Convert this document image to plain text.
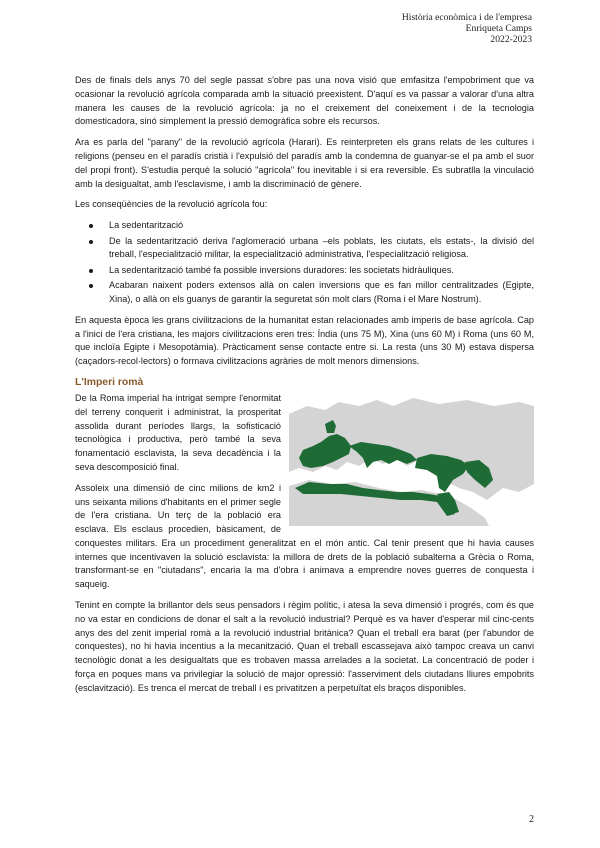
Història econòmica i de l'empresa
Enriqueta Camps
2022-2023

Des de finals dels anys 70 del segle passat s'obre pas una nova visió que emfasitza l'empobriment que va ocasionar la revolució agrícola comparada amb la situació preexistent. D'aquí es va passar a valorar d'una altra manera les causes de la revolució agrícola: ja no el creixement del coneixement i de la tecnologia domesticadora, sinó simplement la pressió demogràfica sobre els recursos.

Ara es parla del "parany" de la revolució agrícola (Harari). Es reinterpreten els grans relats de les cultures i religions (penseu en el paradís cristià i l'expulsió del paradís amb la condemna de guanyar-se el pa amb el suor del propi front). S'estudia perquè la solució "agrícola" fou inevitable i si era reversible. Es subratlla la vinculació amb la desigualtat, amb l'esclavisme, i amb la discriminació de gènere.

Les conseqüències de la revolució agrícola fou:

La sedentarització
De la sedentarització deriva l'aglomeració urbana –els poblats, les ciutats, els estats-, la divisió del treball, l'especialització militar, la especialització administrativa, l'especialització religiosa.
La sedentarització també fa possible inversions duradores: les societats hidràuliques.
Acabaran naixent poders extensos allà on calen inversions que es fan millor centralitzades (Egipte, Xina), o allà on els guanys de garantir la seguretat són molt clars (Roma i el Mare Nostrum).

En aquesta època les grans civilitzacions de la humanitat estan relacionades amb imperis de base agrícola. Cap a l'inici de l'era cristiana, les majors civilitzacions eren tres: Índia (uns 75 M), Xina (uns 60 M) i Roma (uns 60 M, que incloïa Egipte i Mesopotàmia). Pràcticament sense contacte entre si. La resta (uns 30 M) estava dispersa (caçadors-recol·lectors) o formava civilitzacions agràries de molt menors dimensions.

L'Imperi romà

De la Roma imperial ha intrigat sempre l'enormitat del terreny conquerit i administrat, la prosperitat assolida durant períodes llargs, la sofisticació tecnològica i productiva, però també la seva fonamentació esclavista, la seva decadència i la seva descomposició final.

Assoleix una dimensió de cinc milions de km2 i uns seixanta milions d'habitants en el primer segle de l'era cristiana. Un terç de la població era esclava. Els esclaus procedien, bàsicament, de conquestes militars. Era un procediment generalitzat en el món antic. Cal tenir present que hi havia causes internes que incentivaven la solució esclavista: la millora de drets de la població subalterna a Grècia o Roma, transformant-se en "ciutadans", encaria la ma d'obra i animava a emprendre noves guerres de conquesta i saqueig.

Tenint en compte la brillantor dels seus pensadors i règim polític, i atesa la seva dimensió i progrés, com és que no va estar en condicions de donar el salt a la revolució industrial? Perquè es va haver d'esperar mil cinc-cents anys des del zenit imperial romà a la revolució industrial britànica? Quan el treball era barat (per l'abundor de conquestes), no hi havia incentius a la mecanització. Quan el treball escassejava això tampoc creava un canvi tecnològic donat a les desigualtats que es trobaven massa arrelades a la societat. La concentració de poder i força en poques mans va privilegiar la solució de major opressió: l'asserviment dels ciutadans lliures empobrits (esclavització). Es trenca el mercat de treball i es privatitzen a perpetuïtat els braços disponibles.

2
